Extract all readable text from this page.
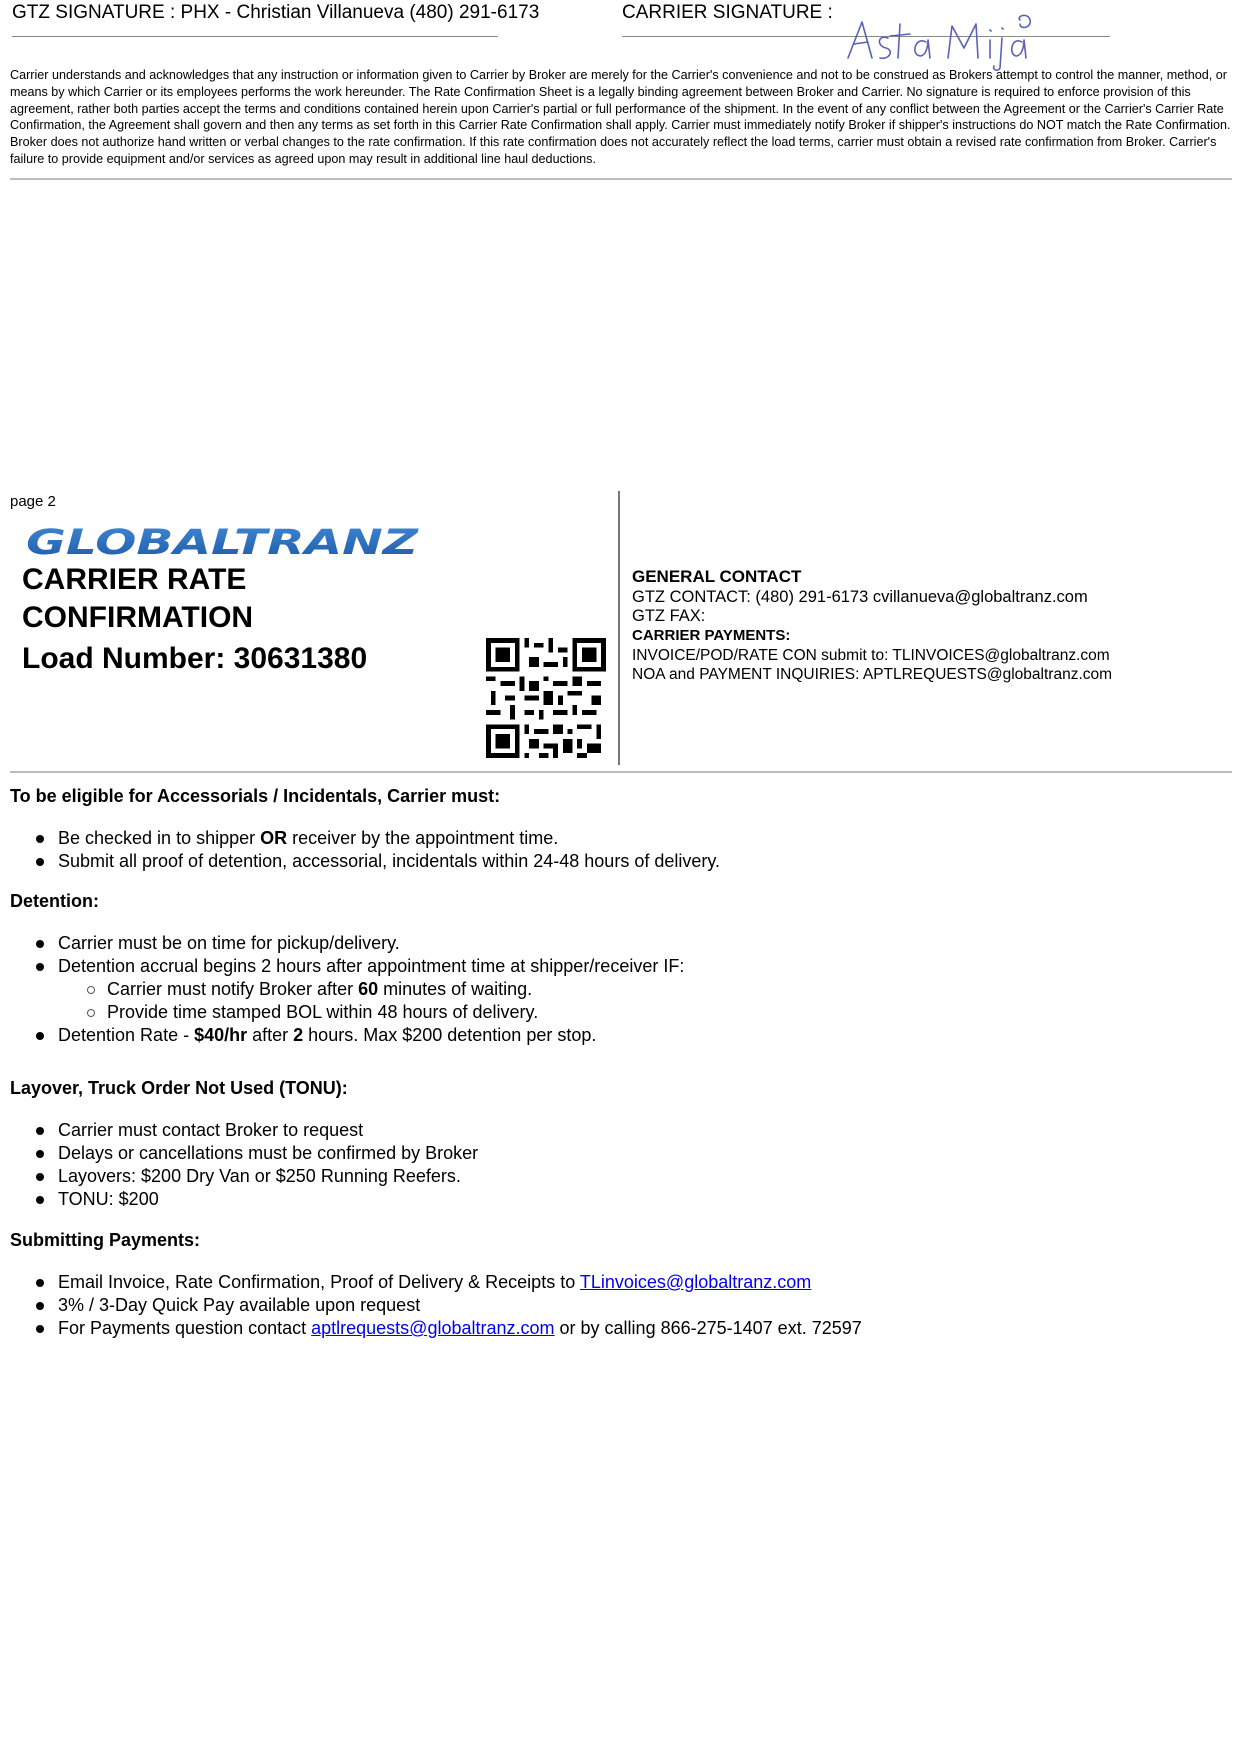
GTZ SIGNATURE : PHX - Christian Villanueva (480) 291-6173	CARRIER SIGNATURE :
Carrier understands and acknowledges that any instruction or information given to Carrier by Broker are merely for the Carrier's convenience and not to be construed as Brokers attempt to control the manner, method, or means by which Carrier or its employees performs the work hereunder. The Rate Confirmation Sheet is a legally binding agreement between Broker and Carrier. No signature is required to enforce provision of this agreement, rather both parties accept the terms and conditions contained herein upon Carrier's partial or full performance of the shipment. In the event of any conflict between the Agreement or the Carrier's Carrier Rate Confirmation, the Agreement shall govern and then any terms as set forth in this Carrier Rate Confirmation shall apply. Carrier must immediately notify Broker if shipper's instructions do NOT match the Rate Confirmation. Broker does not authorize hand written or verbal changes to the rate confirmation. If this rate confirmation does not accurately reflect the load terms, carrier must obtain a revised rate confirmation from Broker. Carrier's failure to provide equipment and/or services as agreed upon may result in additional line haul deductions.
page 2
GLOBALTRANZ
CARRIER RATE
CONFIRMATION
Load Number: 30631380
GENERAL CONTACT
GTZ CONTACT: (480) 291-6173 cvillanueva@globaltranz.com
GTZ FAX:
CARRIER PAYMENTS:
INVOICE/POD/RATE CON submit to: TLINVOICES@globaltranz.com
NOA and PAYMENT INQUIRIES: APTLREQUESTS@globaltranz.com
To be eligible for Accessorials / Incidentals, Carrier must:
Be checked in to shipper OR receiver by the appointment time.
Submit all proof of detention, accessorial, incidentals within 24-48 hours of delivery.
Detention:
Carrier must be on time for pickup/delivery.
Detention accrual begins 2 hours after appointment time at shipper/receiver IF:
Carrier must notify Broker after 60 minutes of waiting.
Provide time stamped BOL within 48 hours of delivery.
Detention Rate - $40/hr after 2 hours. Max $200 detention per stop.
Layover, Truck Order Not Used (TONU):
Carrier must contact Broker to request
Delays or cancellations must be confirmed by Broker
Layovers: $200 Dry Van or $250 Running Reefers.
TONU: $200
Submitting Payments:
Email Invoice, Rate Confirmation, Proof of Delivery & Receipts to TLinvoices@globaltranz.com
3% / 3-Day Quick Pay available upon request
For Payments question contact aptlrequests@globaltranz.com or by calling 866-275-1407 ext. 72597
